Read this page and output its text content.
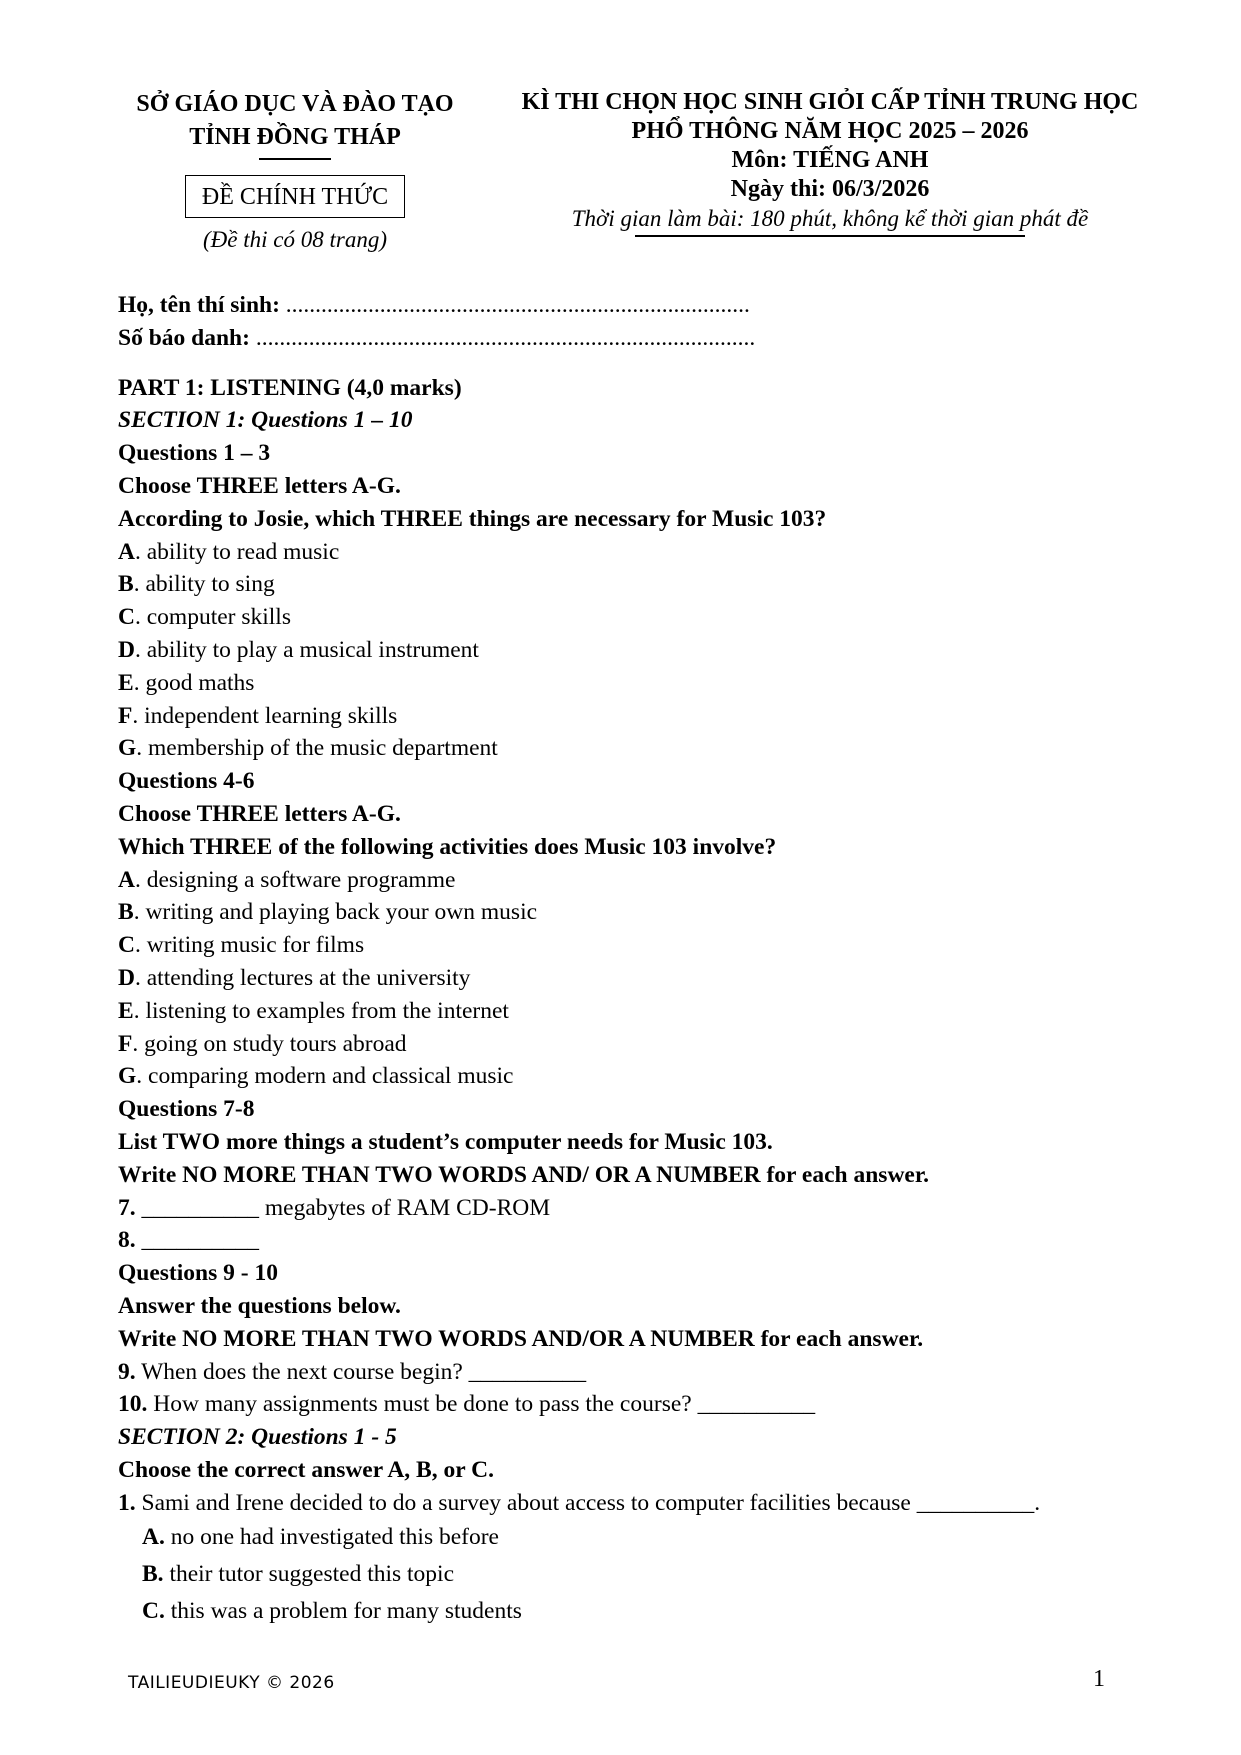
SỞ GIÁO DỤC VÀ ĐÀO TẠO
TỈNH ĐỒNG THÁP
ĐỀ CHÍNH THỨC
(Đề thi có 08 trang)
KÌ THI CHỌN HỌC SINH GIỎI CẤP TỈNH TRUNG HỌC
PHỔ THÔNG NĂM HỌC 2025 – 2026
Môn: TIẾNG ANH
Ngày thi: 06/3/2026
Thời gian làm bài: 180 phút, không kể thời gian phát đề
Họ, tên thí sinh: ...............................................................................
Số báo danh: .....................................................................................
PART 1: LISTENING (4,0 marks)
SECTION 1: Questions 1 – 10
Questions 1 – 3
Choose THREE letters A-G.
According to Josie, which THREE things are necessary for Music 103?
A. ability to read music
B. ability to sing
C. computer skills
D. ability to play a musical instrument
E. good maths
F. independent learning skills
G. membership of the music department
Questions 4-6
Choose THREE letters A-G.
Which THREE of the following activities does Music 103 involve?
A. designing a software programme
B. writing and playing back your own music
C. writing music for films
D. attending lectures at the university
E. listening to examples from the internet
F. going on study tours abroad
G. comparing modern and classical music
Questions 7-8
List TWO more things a student’s computer needs for Music 103.
Write NO MORE THAN TWO WORDS AND/ OR A NUMBER for each answer.
7. __________ megabytes of RAM CD-ROM
8. __________
Questions 9 - 10
Answer the questions below.
Write NO MORE THAN TWO WORDS AND/OR A NUMBER for each answer.
9. When does the next course begin? __________
10. How many assignments must be done to pass the course? __________
SECTION 2: Questions 1 - 5
Choose the correct answer A, B, or C.
1. Sami and Irene decided to do a survey about access to computer facilities because __________.
A. no one had investigated this before
B. their tutor suggested this topic
C. this was a problem for many students
TAILIEUDIEUKY © 2026	1
